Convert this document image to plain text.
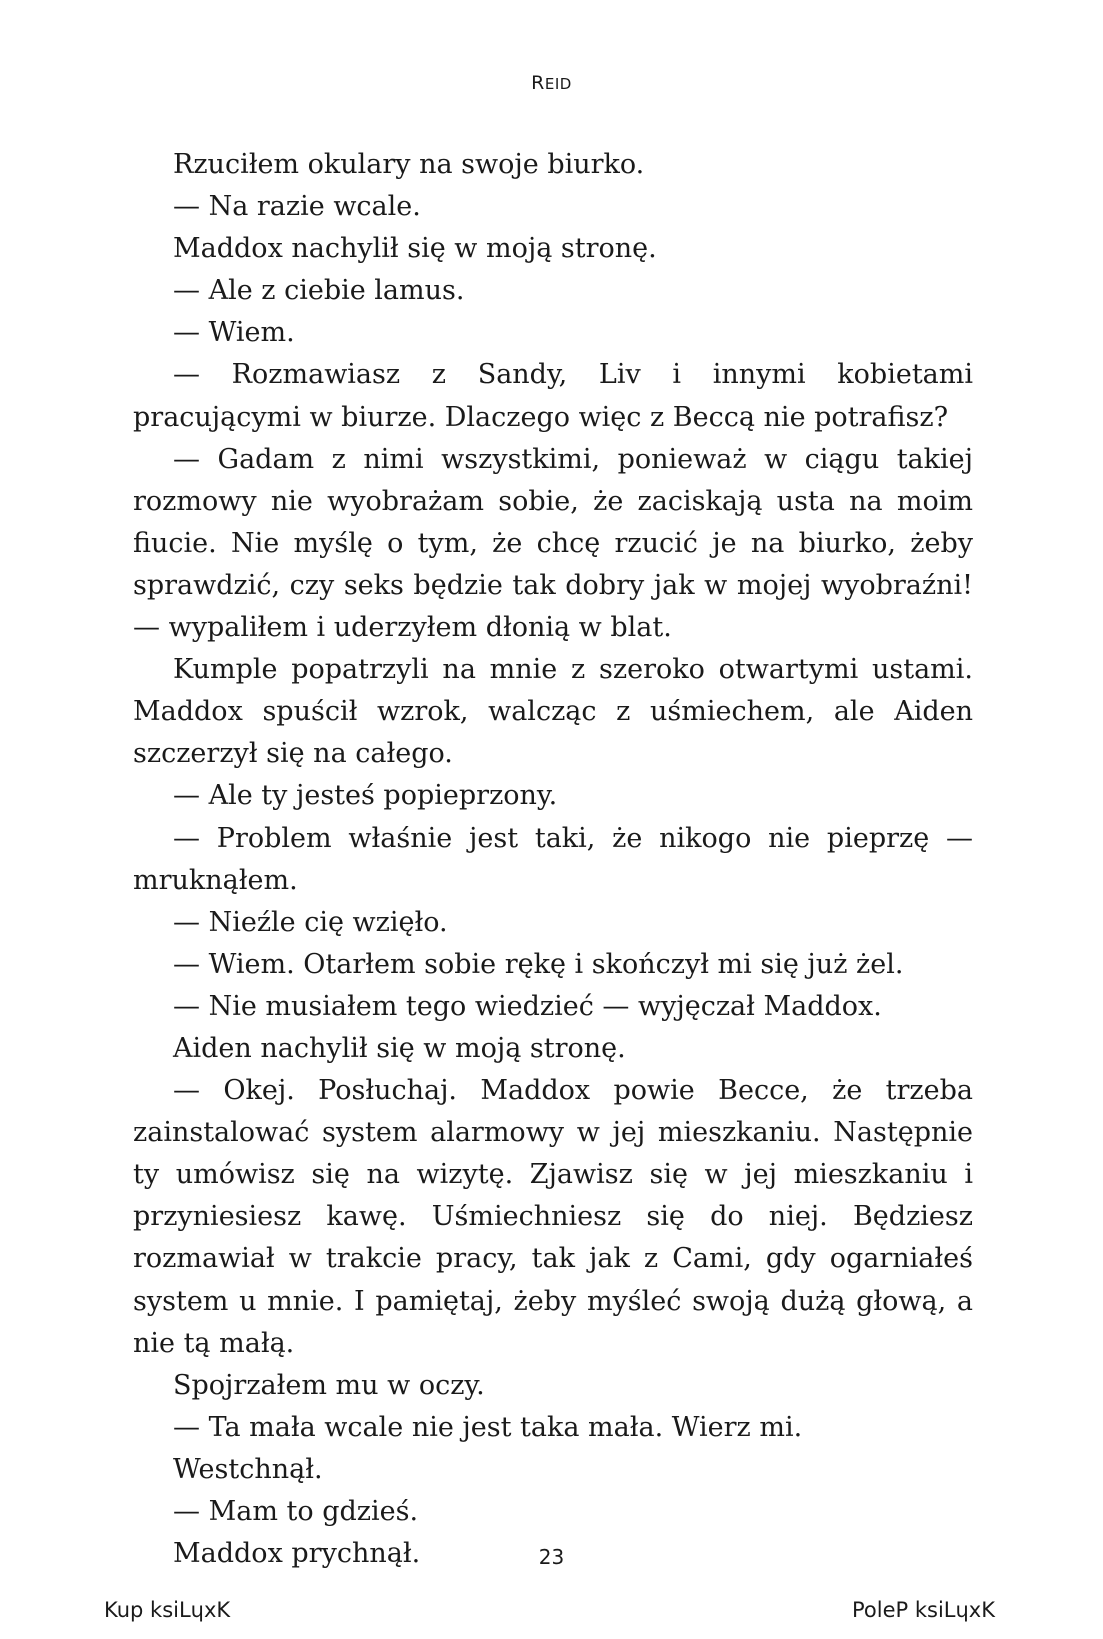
REID

Rzuciłem okulary na swoje biurko.

— Na razie wcale.

Maddox nachylił się w moją stronę.

— Ale z ciebie lamus.

— Wiem.

— Rozmawiasz z Sandy, Liv i innymi kobietami pracującymi w biurze. Dlaczego więc z Beccą nie potrafisz?

— Gadam z nimi wszystkimi, ponieważ w ciągu takiej rozmowy nie wyobrażam sobie, że zaciskają usta na moim fiucie. Nie myślę o tym, że chcę rzucić je na biurko, żeby sprawdzić, czy seks będzie tak dobry jak w mojej wyobraźni! — wypaliłem i uderzyłem dłonią w blat.

Kumple popatrzyli na mnie z szeroko otwartymi ustami. Maddox spuścił wzrok, walcząc z uśmiechem, ale Aiden szczerzył się na całego.

— Ale ty jesteś popieprzony.

— Problem właśnie jest taki, że nikogo nie pieprzę — mruknąłem.

— Nieźle cię wzięło.

— Wiem. Otarłem sobie rękę i skończył mi się już żel.

— Nie musiałem tego wiedzieć — wyjęczał Maddox.

Aiden nachylił się w moją stronę.

— Okej. Posłuchaj. Maddox powie Becce, że trzeba zainstalować system alarmowy w jej mieszkaniu. Następnie ty umówisz się na wizytę. Zjawisz się w jej mieszkaniu i przyniesiesz kawę. Uśmiechniesz się do niej. Będziesz rozmawiał w trakcie pracy, tak jak z Cami, gdy ogarniałeś system u mnie. I pamiętaj, żeby myśleć swoją dużą głową, a nie tą małą.

Spojrzałem mu w oczy.

— Ta mała wcale nie jest taka mała. Wierz mi.

Westchnął.

— Mam to gdzieś.

Maddox prychnął.	23
Kup ksiLɥxK	PoleP ksiLɥxK
